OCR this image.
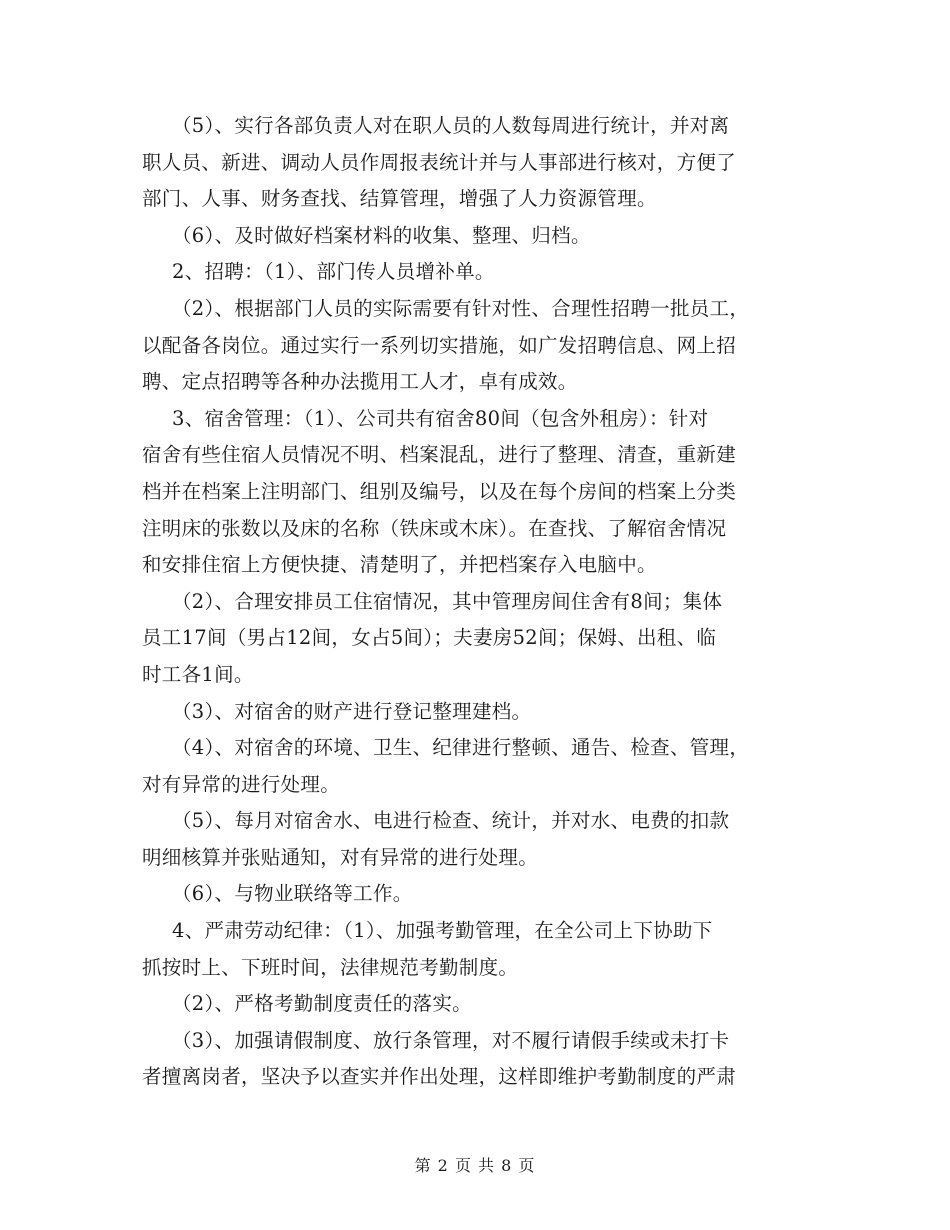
（5）、实行各部负责人对在职人员的人数每周进行统计，并对离
职人员、新进、调动人员作周报表统计并与人事部进行核对，方便了
部门、人事、财务查找、结算管理，增强了人力资源管理。

（6）、及时做好档案材料的收集、整理、归档。

2、招聘：（1）、部门传人员增补单。

（2）、根据部门人员的实际需要有针对性、合理性招聘一批员工，
以配备各岗位。通过实行一系列切实措施，如广发招聘信息、网上招
聘、定点招聘等各种办法揽用工人才，卓有成效。

3、宿舍管理：（1）、公司共有宿舍80间（包含外租房）：针对
宿舍有些住宿人员情况不明、档案混乱，进行了整理、清查，重新建
档并在档案上注明部门、组别及编号，以及在每个房间的档案上分类
注明床的张数以及床的名称（铁床或木床）。在查找、了解宿舍情况
和安排住宿上方便快捷、清楚明了，并把档案存入电脑中。

（2）、合理安排员工住宿情况，其中管理房间住舍有8间；集体
员工17间（男占12间，女占5间）；夫妻房52间；保姆、出租、临
时工各1间。

（3）、对宿舍的财产进行登记整理建档。

（4）、对宿舍的环境、卫生、纪律进行整顿、通告、检查、管理，
对有异常的进行处理。

（5）、每月对宿舍水、电进行检查、统计，并对水、电费的扣款
明细核算并张贴通知，对有异常的进行处理。

（6）、与物业联络等工作。

4、严肃劳动纪律：（1）、加强考勤管理，在全公司上下协助下
抓按时上、下班时间，法律规范考勤制度。

（2）、严格考勤制度责任的落实。

（3）、加强请假制度、放行条管理，对不履行请假手续或未打卡
者擅离岗者，坚决予以查实并作出处理，这样即维护考勤制度的严肃

第 2 页 共 8 页
